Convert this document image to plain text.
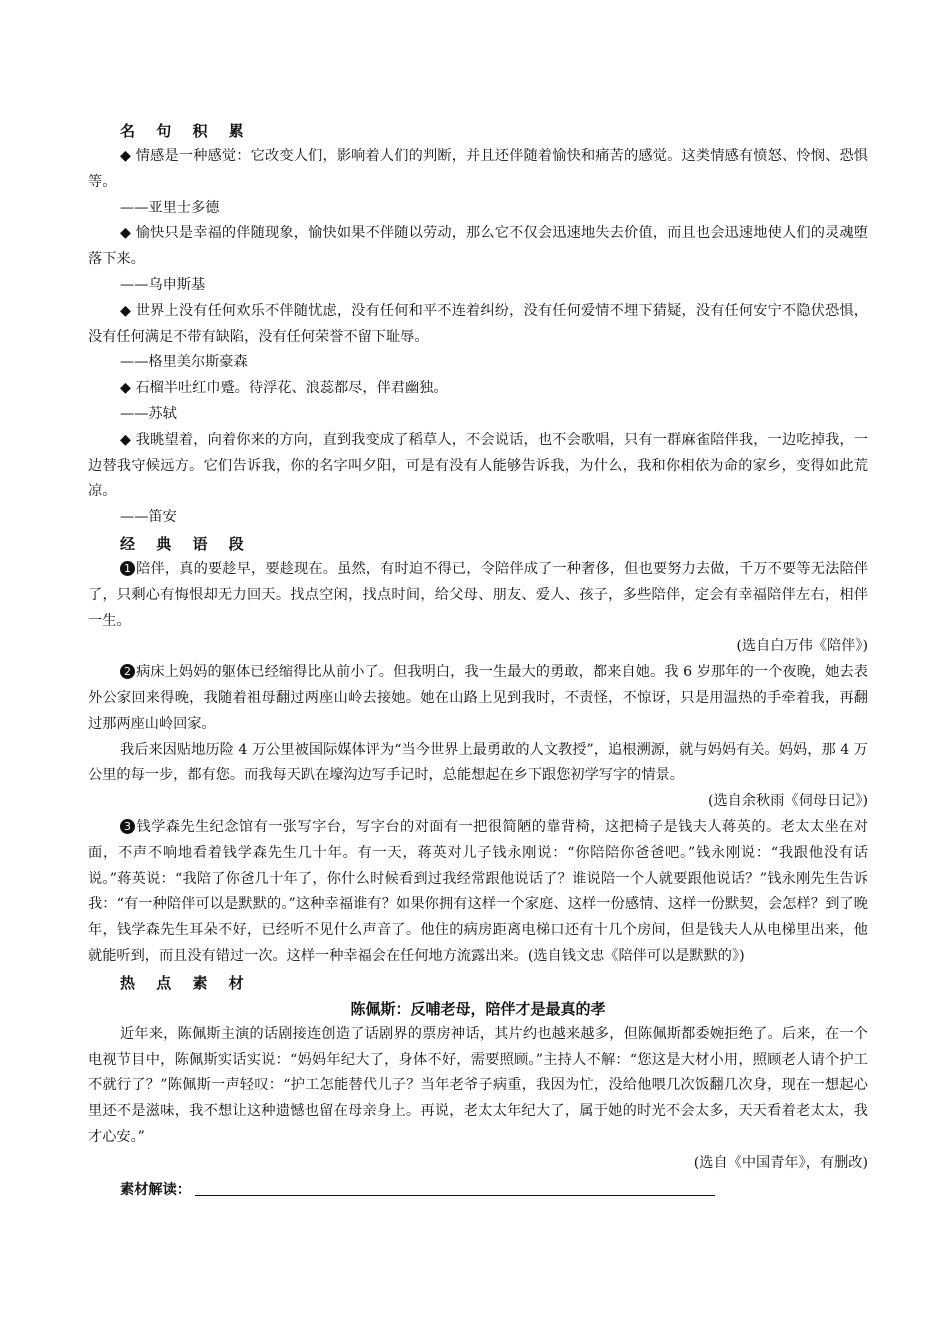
名 句 积 累

◆ 情感是一种感觉：它改变人们，影响着人们的判断，并且还伴随着愉快和痛苦的感觉。这类情感有愤怒、怜悯、恐惧等。

——亚里士多德

◆ 愉快只是幸福的伴随现象，愉快如果不伴随以劳动，那么它不仅会迅速地失去价值，而且也会迅速地使人们的灵魂堕落下来。

——乌申斯基

◆ 世界上没有任何欢乐不伴随忧虑，没有任何和平不连着纠纷，没有任何爱情不埋下猜疑，没有任何安宁不隐伏恐惧，没有任何满足不带有缺陷，没有任何荣誉不留下耻辱。

——格里美尔斯豪森

◆ 石榴半吐红巾蹙。待浮花、浪蕊都尽，伴君幽独。

——苏轼

◆ 我眺望着，向着你来的方向，直到我变成了稻草人，不会说话，也不会歌唱，只有一群麻雀陪伴我，一边吃掉我，一边替我守候远方。它们告诉我，你的名字叫夕阳，可是有没有人能够告诉我，为什么，我和你相依为命的家乡，变得如此荒凉。

——笛安

经 典 语 段

1 陪伴，真的要趁早，要趁现在。虽然，有时迫不得已，令陪伴成了一种奢侈，但也要努力去做，千万不要等无法陪伴了，只剩心有悔恨却无力回天。找点空闲，找点时间，给父母、朋友、爱人、孩子，多些陪伴，定会有幸福陪伴左右，相伴一生。

(选自白万伟《陪伴》)

2 病床上妈妈的躯体已经缩得比从前小了。但我明白，我一生最大的勇敢，都来自她。我 6 岁那年的一个夜晚，她去表外公家回来得晚，我随着祖母翻过两座山岭去接她。她在山路上见到我时，不责怪，不惊讶，只是用温热的手牵着我，再翻过那两座山岭回家。

我后来因贴地历险 4 万公里被国际媒体评为“当今世界上最勇敢的人文教授”，追根溯源，就与妈妈有关。妈妈，那 4 万公里的每一步，都有您。而我每天趴在壕沟边写手记时，总能想起在乡下跟您初学写字的情景。

(选自余秋雨《伺母日记》)

3 钱学森先生纪念馆有一张写字台，写字台的对面有一把很简陋的靠背椅，这把椅子是钱夫人蒋英的。老太太坐在对面，不声不响地看着钱学森先生几十年。有一天，蒋英对儿子钱永刚说：“你陪陪你爸爸吧。”钱永刚说：“我跟他没有话说。”蒋英说：“我陪了你爸几十年了，你什么时候看到过我经常跟他说话了？谁说陪一个人就要跟他说话？”钱永刚先生告诉我：“有一种陪伴可以是默默的。”这种幸福谁有？如果你拥有这样一个家庭、这样一份感情、这样一份默契，会怎样？到了晚年，钱学森先生耳朵不好，已经听不见什么声音了。他住的病房距离电梯口还有十几个房间，但是钱夫人从电梯里出来，他就能听到，而且没有错过一次。这样一种幸福会在任何地方流露出来。(选自钱文忠《陪伴可以是默默的》)

热 点 素 材
陈佩斯：反哺老母，陪伴才是最真的孝

近年来，陈佩斯主演的话剧接连创造了话剧界的票房神话，其片约也越来越多，但陈佩斯都委婉拒绝了。后来，在一个电视节目中，陈佩斯实话实说：“妈妈年纪大了，身体不好，需要照顾。”主持人不解：“您这是大材小用，照顾老人请个护工不就行了？”陈佩斯一声轻叹：“护工怎能替代儿子？当年老爷子病重，我因为忙，没给他喂几次饭翻几次身，现在一想起心里还不是滋味，我不想让这种遗憾也留在母亲身上。再说，老太太年纪大了，属于她的时光不会太多，天天看着老太太，我才心安。”

(选自《中国青年》，有删改)

素材解读：
